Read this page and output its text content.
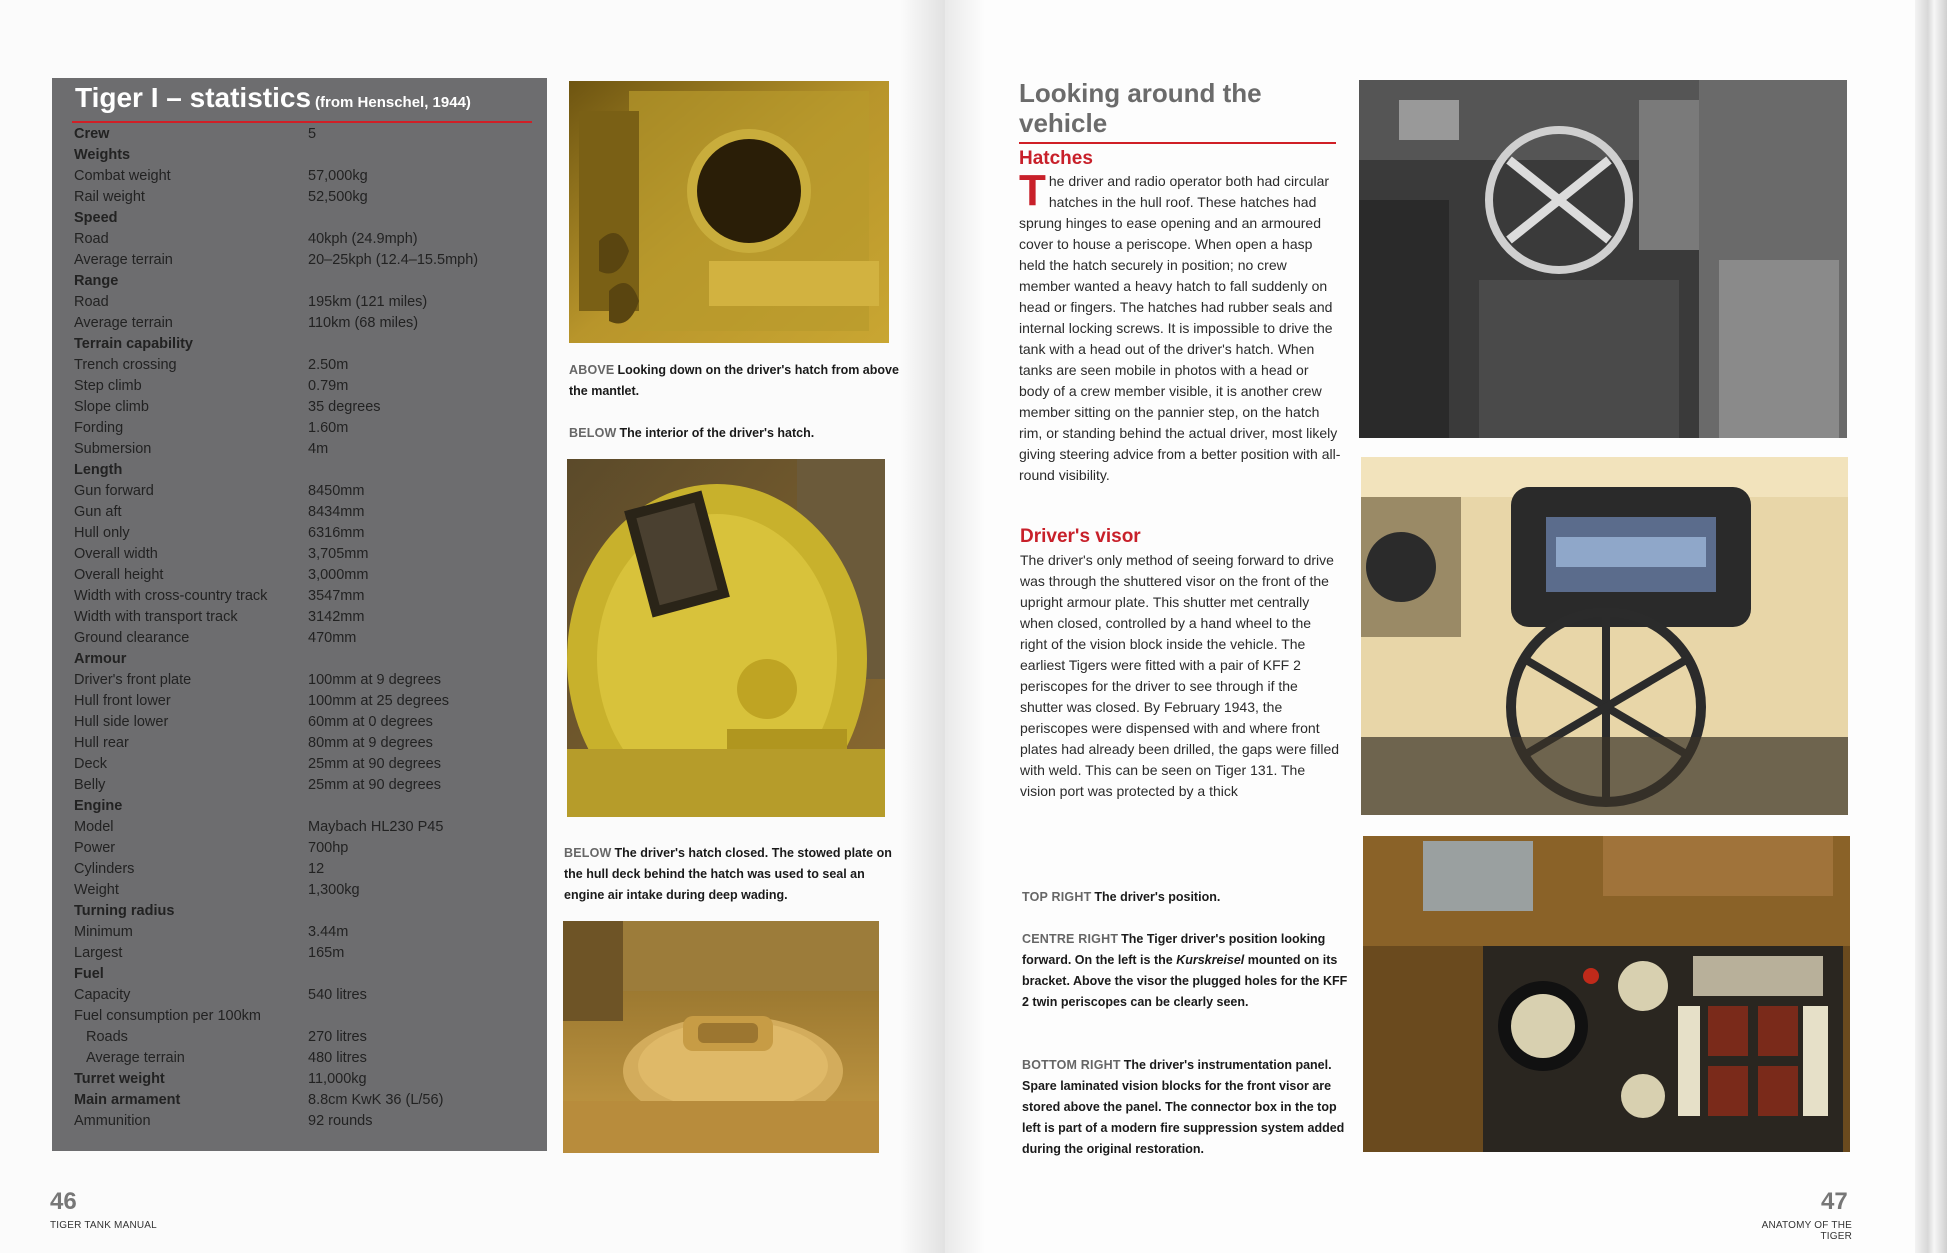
Tiger I – statistics (from Henschel, 1944)
Crew	5
Weights
Combat weight	57,000kg
Rail weight	52,500kg
Speed
Road	40kph (24.9mph)
Average terrain	20–25kph (12.4–15.5mph)
Range
Road	195km (121 miles)
Average terrain	110km (68 miles)
Terrain capability
Trench crossing	2.50m
Step climb	0.79m
Slope climb	35 degrees
Fording	1.60m
Submersion	4m
Length
Gun forward	8450mm
Gun aft	8434mm
Hull only	6316mm
Overall width	3,705mm
Overall height	3,000mm
Width with cross-country track	3547mm
Width with transport track	3142mm
Ground clearance	470mm
Armour
Driver's front plate	100mm at 9 degrees
Hull front lower	100mm at 25 degrees
Hull side lower	60mm at 0 degrees
Hull rear	80mm at 9 degrees
Deck	25mm at 90 degrees
Belly	25mm at 90 degrees
Engine
Model	Maybach HL230 P45
Power	700hp
Cylinders	12
Weight	1,300kg
Turning radius
Minimum	3.44m
Largest	165m
Fuel
Capacity	540 litres
Fuel consumption per 100km
Roads	270 litres
Average terrain	480 litres
Turret weight	11,000kg
Main armament	8.8cm KwK 36 (L/56)
Ammunition	92 rounds
ABOVE Looking down on the driver's hatch from above the mantlet.
BELOW The interior of the driver's hatch.
BELOW The driver's hatch closed. The stowed plate on the hull deck behind the hatch was used to seal an engine air intake during deep wading.
46
TIGER TANK MANUAL
Looking around the vehicle
Hatches
The driver and radio operator both had circular hatches in the hull roof. These hatches had sprung hinges to ease opening and an armoured cover to house a periscope. When open a hasp held the hatch securely in position; no crew member wanted a heavy hatch to fall suddenly on head or fingers. The hatches had rubber seals and internal locking screws. It is impossible to drive the tank with a head out of the driver's hatch. When tanks are seen mobile in photos with a head or body of a crew member visible, it is another crew member sitting on the pannier step, on the hatch rim, or standing behind the actual driver, most likely giving steering advice from a better position with all-round visibility.
Driver's visor
The driver's only method of seeing forward to drive was through the shuttered visor on the front of the upright armour plate. This shutter met centrally when closed, controlled by a hand wheel to the right of the vision block inside the vehicle. The earliest Tigers were fitted with a pair of KFF 2 periscopes for the driver to see through if the shutter was closed. By February 1943, the periscopes were dispensed with and where front plates had already been drilled, the gaps were filled with weld. This can be seen on Tiger 131. The vision port was protected by a thick
TOP RIGHT The driver's position.
CENTRE RIGHT The Tiger driver's position looking forward. On the left is the Kurskreisel mounted on its bracket. Above the visor the plugged holes for the KFF 2 twin periscopes can be clearly seen.
BOTTOM RIGHT The driver's instrumentation panel. Spare laminated vision blocks for the front visor are stored above the panel. The connector box in the top left is part of a modern fire suppression system added during the original restoration.
47
ANATOMY OF THE TIGER
